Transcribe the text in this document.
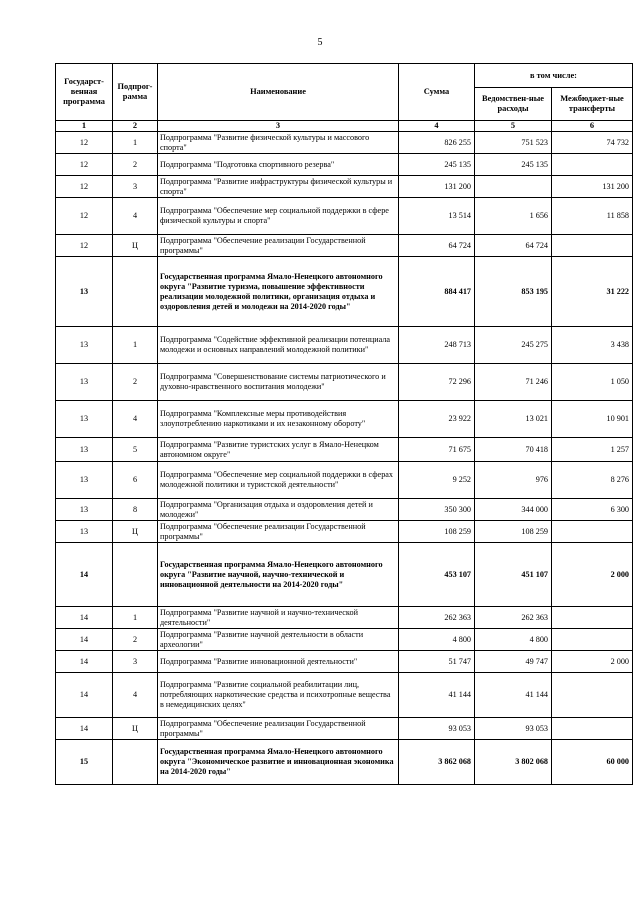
5
Государст-венная программа	Подпрог-рамма	Наименование	Сумма	в том числе:	
				Ведомствен-ные расходы	Межбюджет-ные трансферты
1	2	3	4	5	6
12	1	Подпрограмма "Развитие физической культуры и массового спорта"	826 255	751 523	74 732
12	2	Подпрограмма "Подготовка спортивного резерва"	245 135	245 135	
12	3	Подпрограмма "Развитие инфраструктуры физической культуры и спорта"	131 200		131 200
12	4	Подпрограмма "Обеспечение мер социальной поддержки в сфере физической культуры и спорта"	13 514	1 656	11 858
12	Ц	Подпрограмма "Обеспечение реализации Государственной программы"	64 724	64 724	
13		Государственная программа Ямало-Ненецкого автономного округа "Развитие туризма, повышение эффективности реализации молодежной политики, организация отдыха и оздоровления детей и молодежи на 2014-2020 годы"	884 417	853 195	31 222
13	1	Подпрограмма "Содействие эффективной реализации потенциала молодежи и основных направлений молодежной политики"	248 713	245 275	3 438
13	2	Подпрограмма "Совершенствование системы патриотического и духовно-нравственного воспитания молодежи"	72 296	71 246	1 050
13	4	Подпрограмма "Комплексные меры противодействия злоупотреблению наркотиками и их незаконному обороту"	23 922	13 021	10 901
13	5	Подпрограмма "Развитие туристских услуг в Ямало-Ненецком автономном округе"	71 675	70 418	1 257
13	6	Подпрограмма "Обеспечение мер социальной поддержки в сферах молодежной политики и туристской деятельности"	9 252	976	8 276
13	8	Подпрограмма "Организация отдыха и оздоровления детей и молодежи"	350 300	344 000	6 300
13	Ц	Подпрограмма "Обеспечение реализации Государственной программы"	108 259	108 259	
14		Государственная программа Ямало-Ненецкого автономного округа "Развитие научной, научно-технической и инновационной деятельности на 2014-2020 годы"	453 107	451 107	2 000
14	1	Подпрограмма "Развитие научной и научно-технической деятельности"	262 363	262 363	
14	2	Подпрограмма "Развитие научной деятельности в области археологии"	4 800	4 800	
14	3	Подпрограмма "Развитие инновационной деятельности"	51 747	49 747	2 000
14	4	Подпрограмма "Развитие социальной реабилитации лиц, потребляющих наркотические средства и психотропные вещества в немедицинских целях"	41 144	41 144	
14	Ц	Подпрограмма "Обеспечение реализации Государственной программы"	93 053	93 053	
15		Государственная программа Ямало-Ненецкого автономного округа "Экономическое развитие и инновационная экономика на 2014-2020 годы"	3 862 068	3 802 068	60 000
